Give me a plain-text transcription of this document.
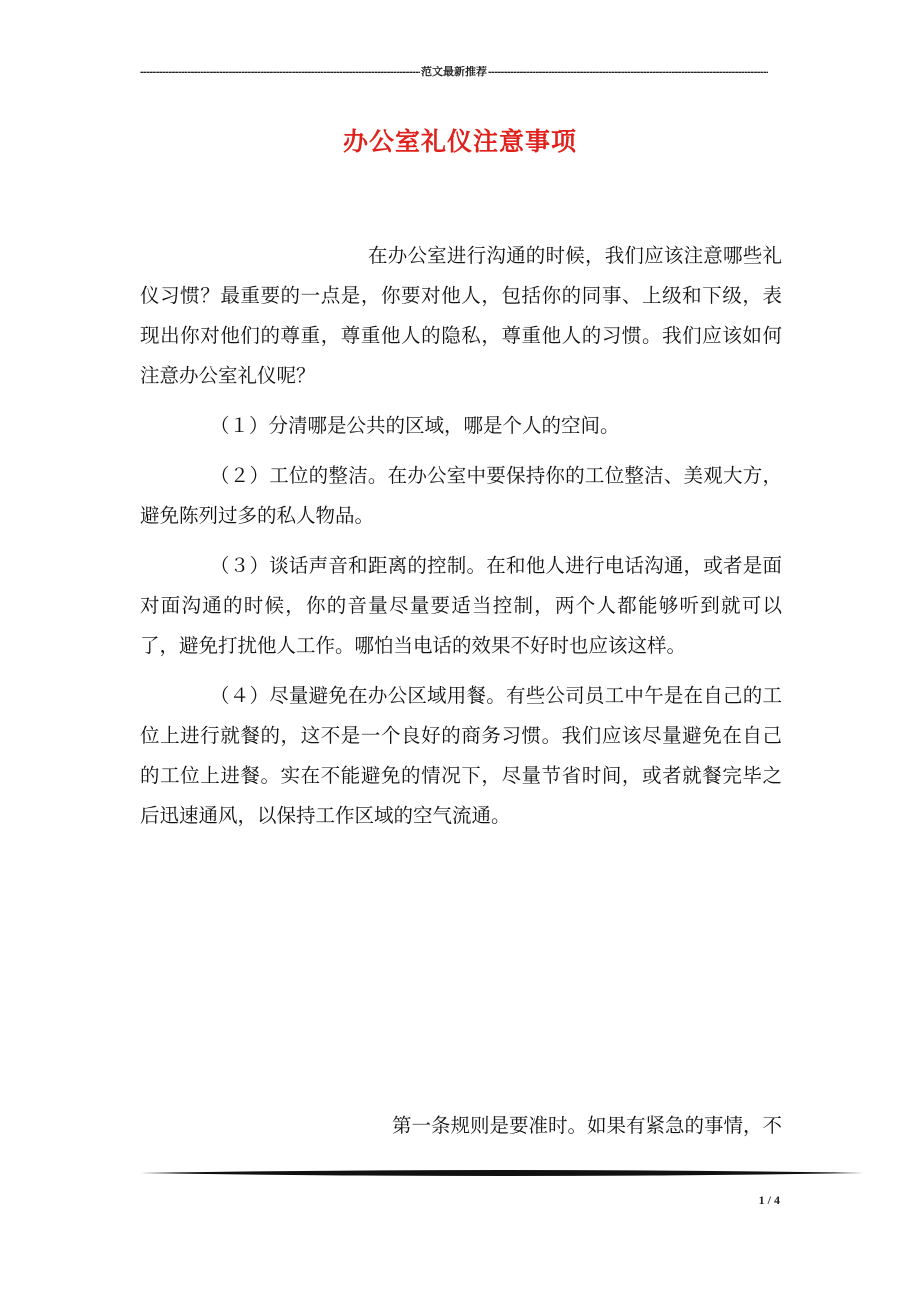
-----
范文最新推荐
-----
办公室礼仪注意事项

在办公室进行沟通的时候，我们应该注意哪些礼仪习惯？最重要的一点是，你要对他人，包括你的同事、上级和下级，表现出你对他们的尊重，尊重他人的隐私，尊重他人的习惯。我们应该如何注意办公室礼仪呢？

（１）分清哪是公共的区域，哪是个人的空间。

（２）工位的整洁。在办公室中要保持你的工位整洁、美观大方，避免陈列过多的私人物品。

（３）谈话声音和距离的控制。在和他人进行电话沟通，或者是面对面沟通的时候，你的音量尽量要适当控制，两个人都能够听到就可以了，避免打扰他人工作。哪怕当电话的效果不好时也应该这样。

（４）尽量避免在办公区域用餐。有些公司员工中午是在自己的工位上进行就餐的，这不是一个良好的商务习惯。我们应该尽量避免在自己的工位上进餐。实在不能避免的情况下，尽量节省时间，或者就餐完毕之后迅速通风，以保持工作区域的空气流通。

第一条规则是要准时。如果有紧急的事情，不

1 / 4
